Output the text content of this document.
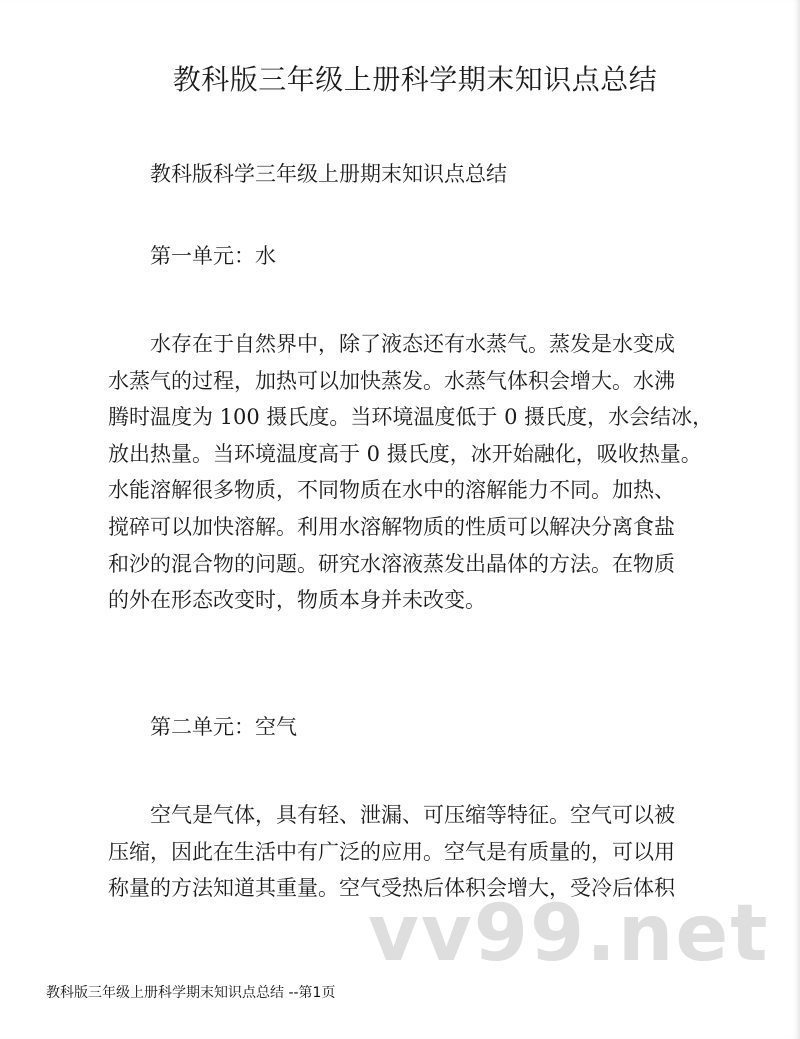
教科版三年级上册科学期末知识点总结

教科版科学三年级上册期末知识点总结

第一单元：水
水存在于自然界中，除了液态还有水蒸气。蒸发是水变成
水蒸气的过程，加热可以加快蒸发。水蒸气体积会增大。水沸
腾时温度为 100 摄氏度。当环境温度低于 0 摄氏度，水会结冰，
放出热量。当环境温度高于 0 摄氏度，冰开始融化，吸收热量。
水能溶解很多物质，不同物质在水中的溶解能力不同。加热、
搅碎可以加快溶解。利用水溶解物质的性质可以解决分离食盐
和沙的混合物的问题。研究水溶液蒸发出晶体的方法。在物质
的外在形态改变时，物质本身并未改变。
第二单元：空气
空气是气体，具有轻、泄漏、可压缩等特征。空气可以被
压缩，因此在生活中有广泛的应用。空气是有质量的，可以用
称量的方法知道其重量。空气受热后体积会增大，受冷后体积
vv99.net

教科版三年级上册科学期末知识点总结 --第1页
